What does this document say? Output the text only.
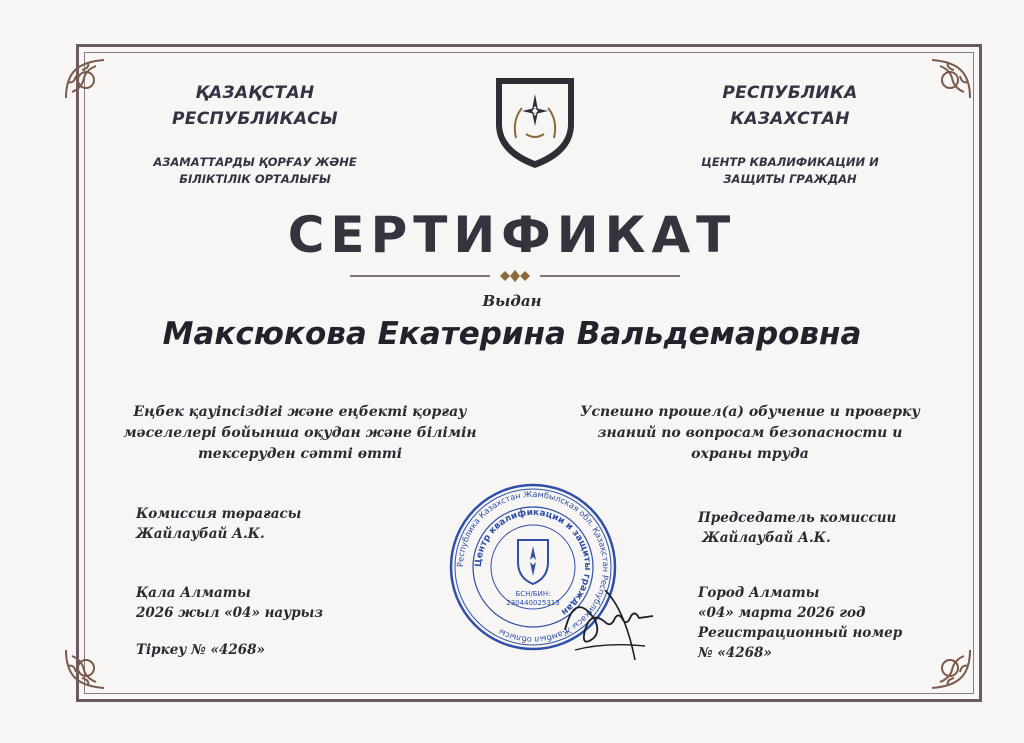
ҚАЗАҚСТАН
РЕСПУБЛИКАСЫ
АЗАМАТТАРДЫ ҚОРҒАУ ЖӘНЕ
БІЛІКТІЛІК ОРТАЛЫҒЫ
РЕСПУБЛИКА
КАЗАХСТАН
ЦЕНТР КВАЛИФИКАЦИИ И
ЗАЩИТЫ ГРАЖДАН
СЕРТИФИКАТ
Выдан
Максюкова Екатерина Вальдемаровна
Еңбек қауіпсіздігі және еңбекті қорғау
мәселелері бойынша оқудан және білімін
тексеруден сәтті өтті
Успешно прошел(а) обучение и проверку
знаний по вопросам безопасности и
охраны труда
Комиссия төрағасы
Жайлаубай А.К.
Қала Алматы
2026 жыл «04» наурыз
Тіркеу № «4268»
Республика Казахстан Жамбылская обл. Қазақстан Республикасы Жамбыл облысы
Центр квалификации и защиты граждан
БСН/БИН:
230440025313
Председатель комиссии
Жайлаубай А.К.
Город Алматы
«04» марта 2026 год
Регистрационный номер
№ «4268»
